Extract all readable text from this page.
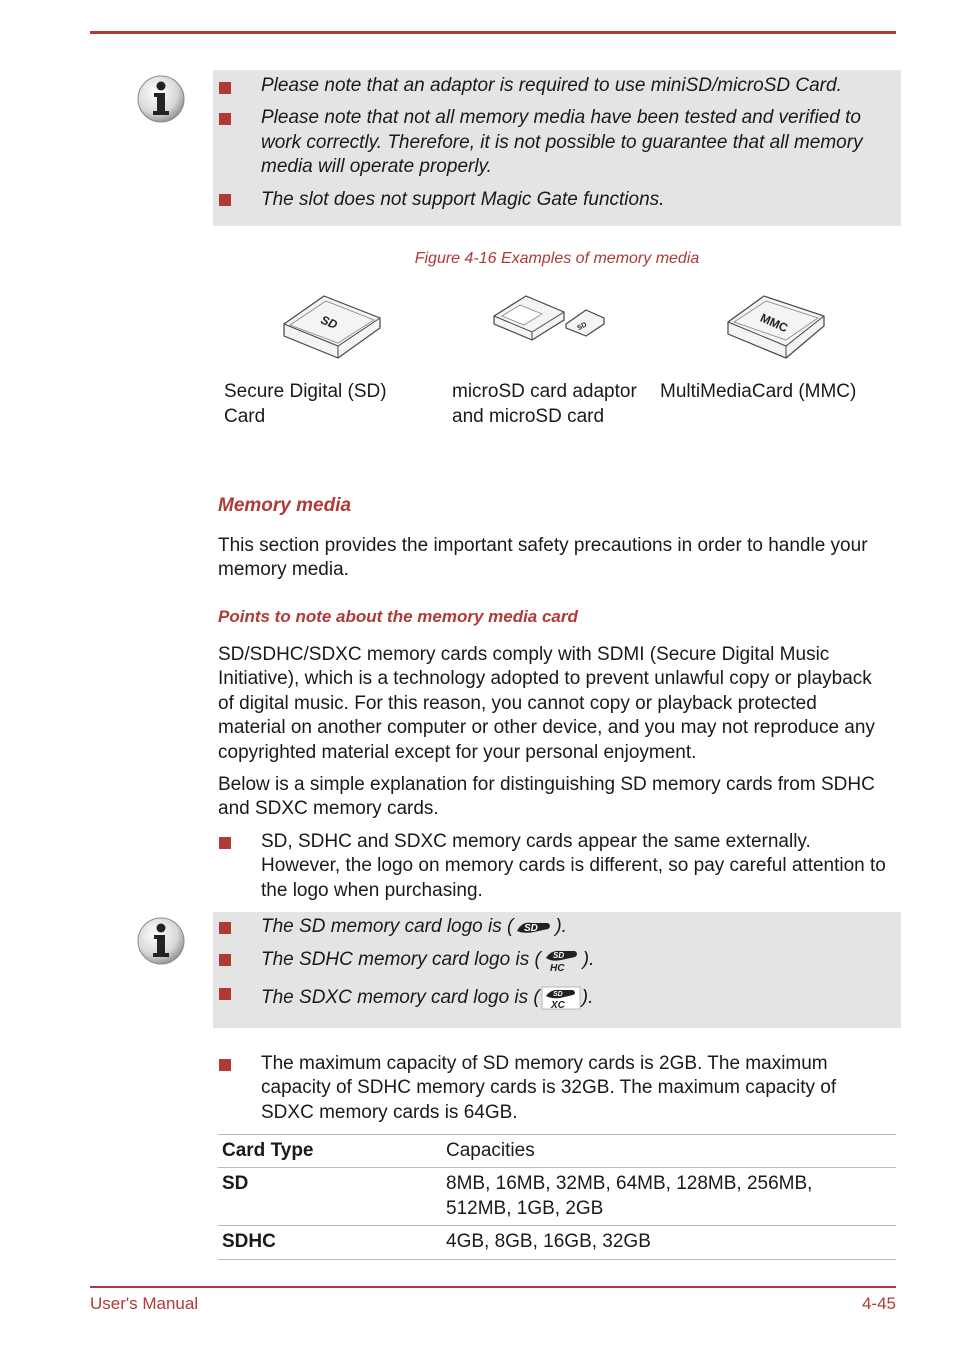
Please note that an adaptor is required to use miniSD/microSD Card.
Please note that not all memory media have been tested and verified to work correctly. Therefore, it is not possible to guarantee that all memory media will operate properly.
The slot does not support Magic Gate functions.
Figure 4-16 Examples of memory media
SD	SD	MMC
Secure Digital (SD) Card
microSD card adaptor and microSD card
MultiMediaCard (MMC)
Memory media
This section provides the important safety precautions in order to handle your memory media.
Points to note about the memory media card
SD/SDHC/SDXC memory cards comply with SDMI (Secure Digital Music Initiative), which is a technology adopted to prevent unlawful copy or playback of digital music. For this reason, you cannot copy or playback protected material on another computer or other device, and you may not reproduce any copyrighted material except for your personal enjoyment.
Below is a simple explanation for distinguishing SD memory cards from SDHC and SDXC memory cards.
SD, SDHC and SDXC memory cards appear the same externally. However, the logo on memory cards is different, so pay careful attention to the logo when purchasing.
The SD memory card logo is ( SD ).
The SDHC memory card logo is ( SD
HC ).
The SDXC memory card logo is ( SD
XC ).
The maximum capacity of SD memory cards is 2GB. The maximum capacity of SDHC memory cards is 32GB. The maximum capacity of SDXC memory cards is 64GB.
Card Type	Capacities
SD	8MB, 16MB, 32MB, 64MB, 128MB, 256MB, 512MB, 1GB, 2GB
SDHC	4GB, 8GB, 16GB, 32GB
User's Manual	4-45
